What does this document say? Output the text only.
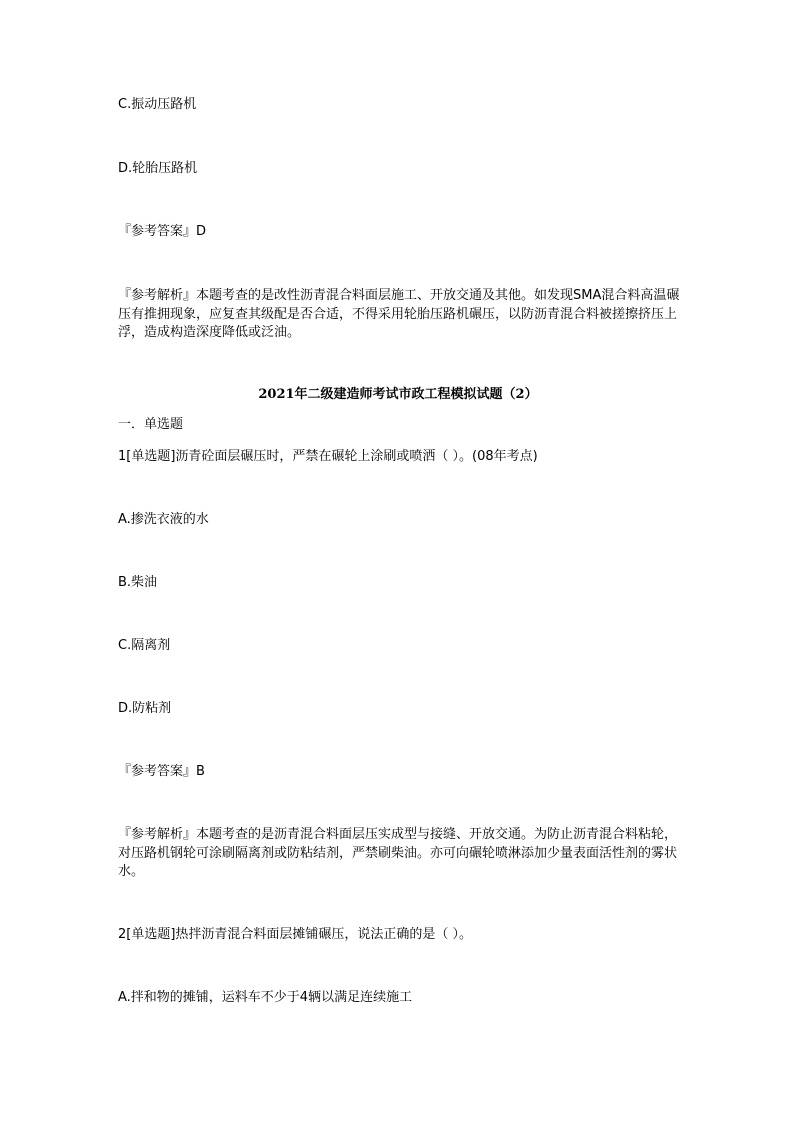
C.振动压路机
D.轮胎压路机
『参考答案』D
『参考解析』本题考查的是改性沥青混合料面层施工、开放交通及其他。如发现SMA混合料高温碾压有推拥现象，应复查其级配是否合适，不得采用轮胎压路机碾压，以防沥青混合料被搓擦挤压上浮，造成构造深度降低或泛油。
2021年二级建造师考试市政工程模拟试题（2）
一．单选题
1[单选题]沥青砼面层碾压时，严禁在碾轮上涂刷或喷洒（ ）。(08年考点)
A.掺洗衣液的水
B.柴油
C.隔离剂
D.防粘剂
『参考答案』B
『参考解析』本题考查的是沥青混合料面层压实成型与接缝、开放交通。为防止沥青混合料粘轮，对压路机钢轮可涂刷隔离剂或防粘结剂，严禁刷柴油。亦可向碾轮喷淋添加少量表面活性剂的雾状水。
2[单选题]热拌沥青混合料面层摊铺碾压，说法正确的是（ ）。
A.拌和物的摊铺，运料车不少于4辆以满足连续施工
